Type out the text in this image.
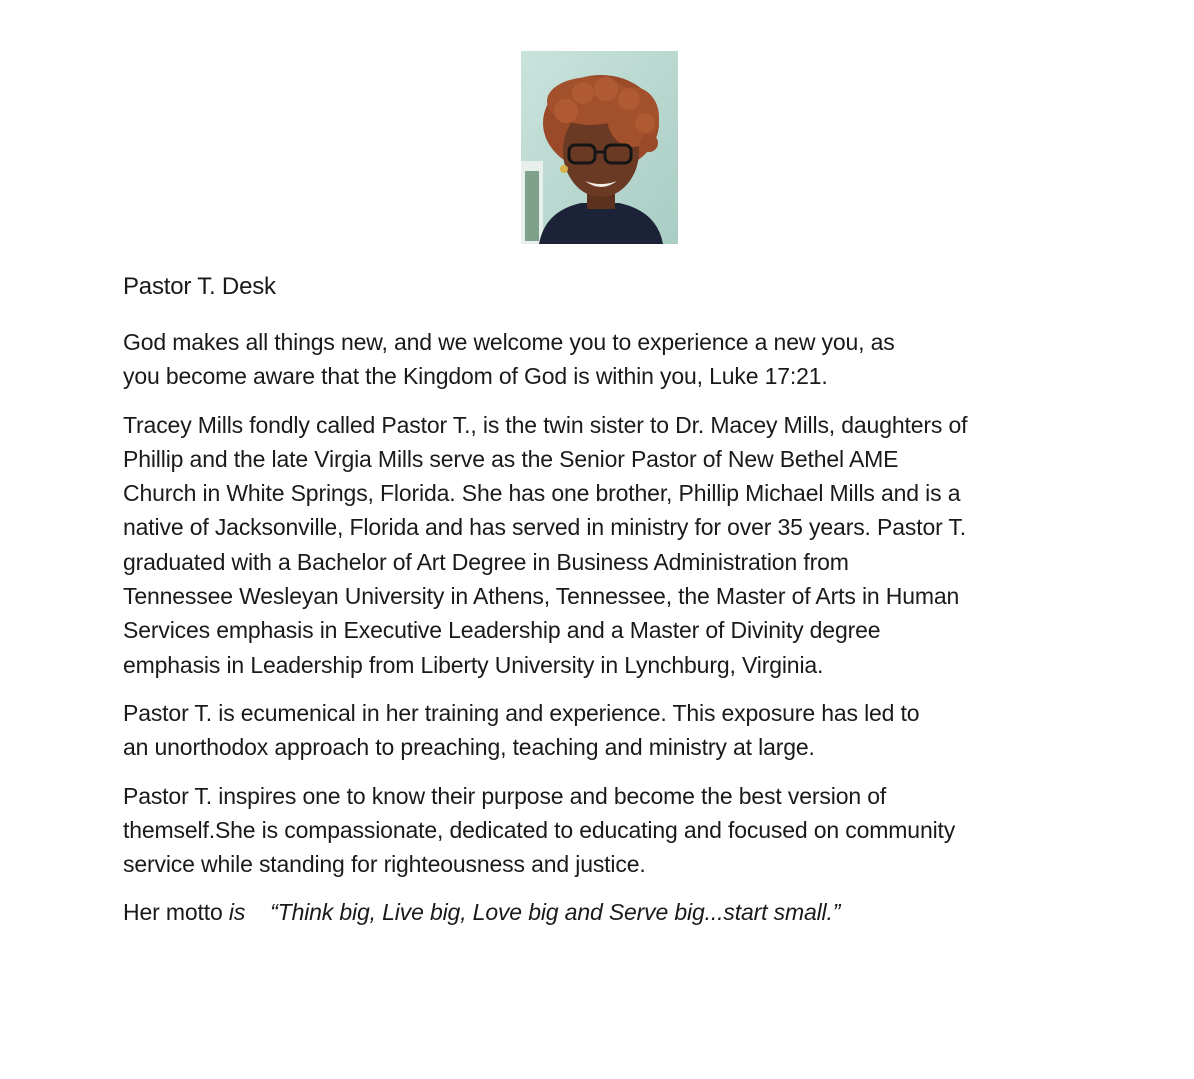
Pastor T. Desk

God makes all things new, and we welcome you to experience a new you, as
you become aware that the Kingdom of God is within you, Luke 17:21.

Tracey Mills fondly called Pastor T., is the twin sister to Dr. Macey Mills, daughters of
Phillip and the late Virgia Mills serve as the Senior Pastor of New Bethel AME
Church in White Springs, Florida. She has one brother, Phillip Michael Mills and is a
native of Jacksonville, Florida and has served in ministry for over 35 years. Pastor T.
graduated with a Bachelor of Art Degree in Business Administration from
Tennessee Wesleyan University in Athens, Tennessee, the Master of Arts in Human
Services emphasis in Executive Leadership and a Master of Divinity degree
emphasis in Leadership from Liberty University in Lynchburg, Virginia.

Pastor T. is ecumenical in her training and experience. This exposure has led to
an unorthodox approach to preaching, teaching and ministry at large.

Pastor T. inspires one to know their purpose and become the best version of
themself.She is compassionate, dedicated to educating and focused on community
service while standing for righteousness and justice.

Her motto is “Think big, Live big, Love big and Serve big...start small.”
